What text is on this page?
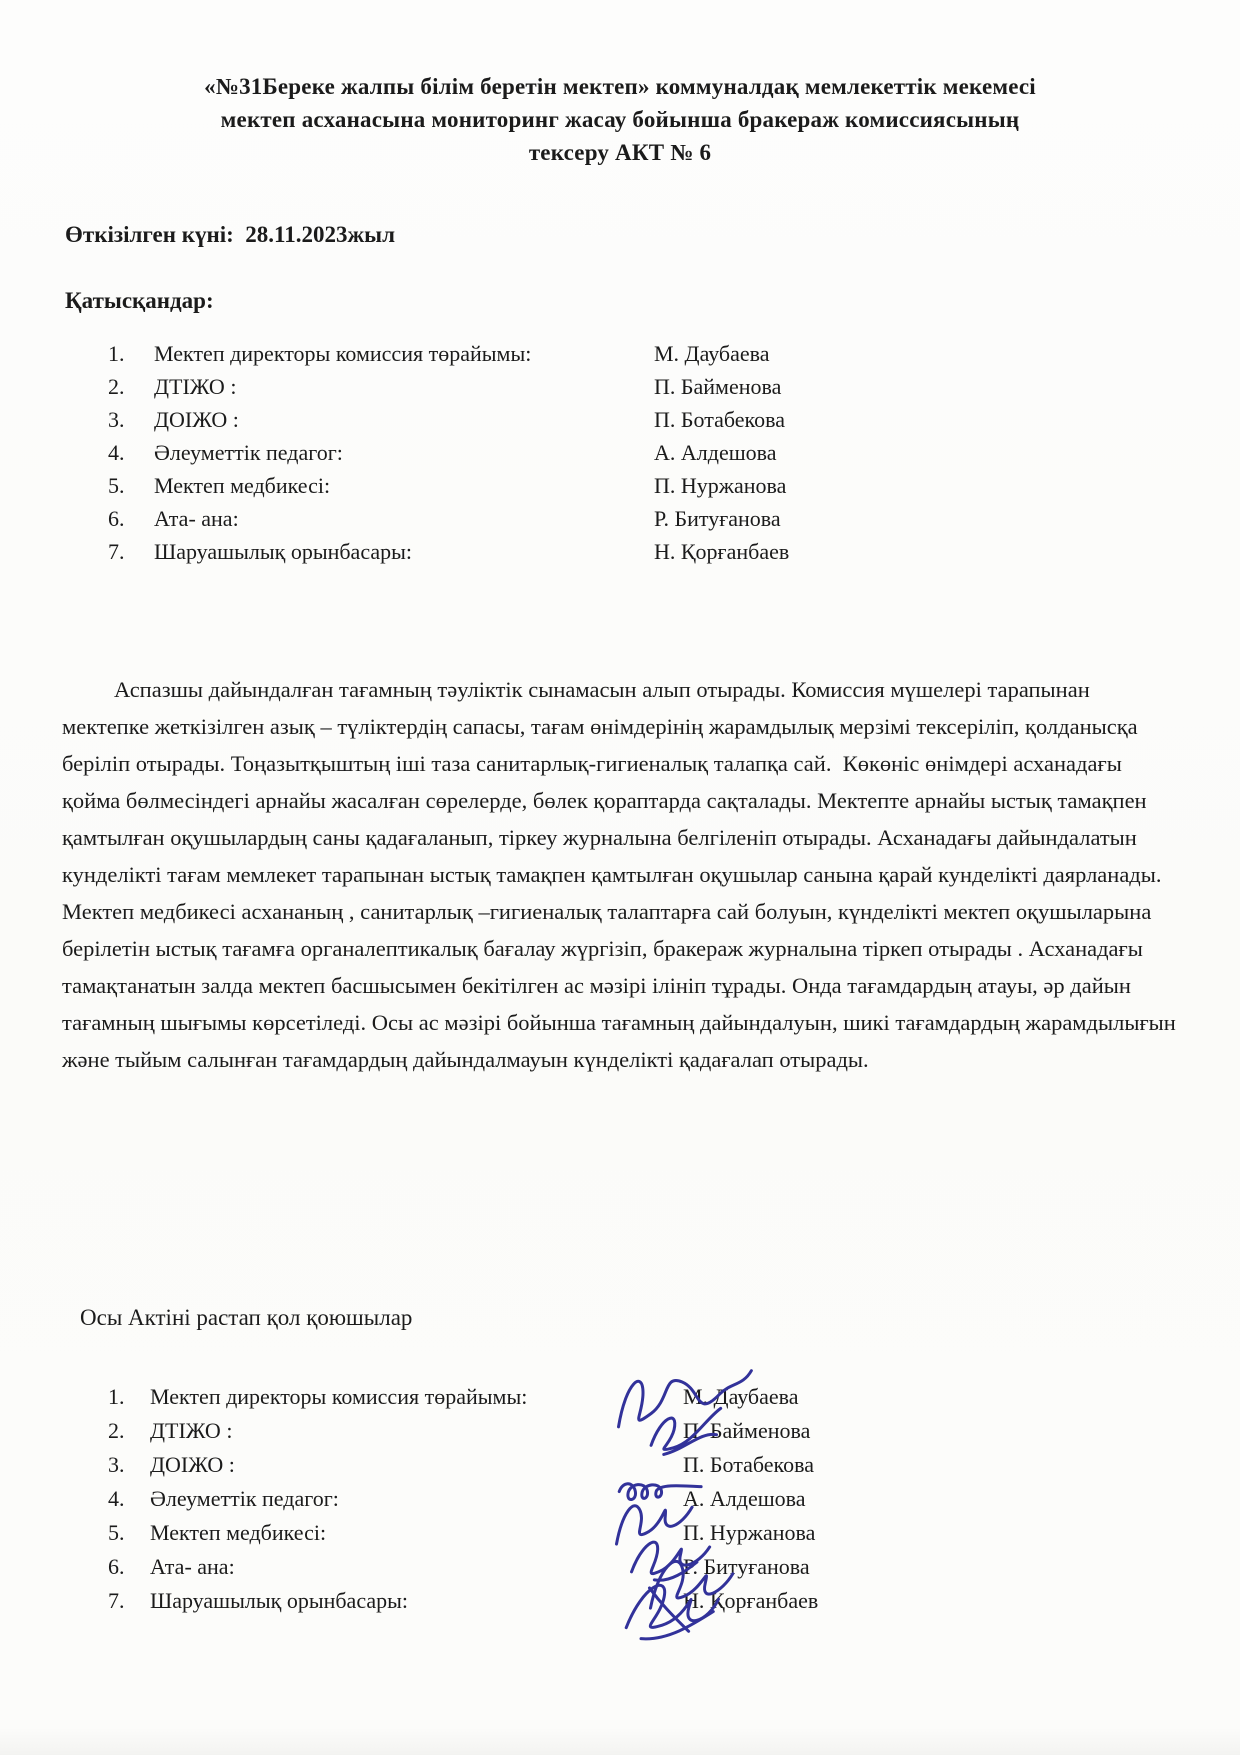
«№31Береке жалпы білім беретін мектеп» коммуналдақ мемлекеттік мекемесі
мектеп асханасына мониторинг жасау бойынша бракераж комиссиясының
тексеру АКТ № 6
Өткізілген күні:  28.11.2023жыл
Қатысқандар:
1.	Мектеп директоры комиссия төрайымы:	М. Даубаева
2.	ДТІЖО :	П. Байменова
3.	ДОІЖО :	П. Ботабекова
4.	Әлеуметтік педагог:	А. Алдешова
5.	Мектеп медбикесі:	П. Нуржанова
6.	Ата- ана:	Р. Битуғанова
7.	Шаруашылық орынбасары:	Н. Қорғанбаев

Аспазшы дайындалған тағамның тәуліктік сынамасын алып отырады. Комиссия мүшелері тарапынан мектепке жеткізілген азық – түліктердің сапасы, тағам өнімдерінің жарамдылық мерзімі тексеріліп, қолданысқа беріліп отырады. Тоңазытқыштың іші таза санитарлық-гигиеналық талапқа сай.  Көкөніс өнімдері асханадағы қойма бөлмесіндегі арнайы жасалған сөрелерде, бөлек қораптарда сақталады. Мектепте арнайы ыстық тамақпен қамтылған оқушылардың саны қадағаланып, тіркеу журналына белгіленіп отырады. Асханадағы дайындалатын кунделікті тағам мемлекет тарапынан ыстық тамақпен қамтылған оқушылар санына қарай кунделікті даярланады. Мектеп медбикесі асхананың , санитарлық –гигиеналық талаптарға сай болуын, күнделікті мектеп оқушыларына берілетін ыстық тағамға органалептикалық бағалау жүргізіп, бракераж журналына тіркеп отырады . Асханадағы тамақтанатын залда мектеп басшысымен бекітілген ас мәзірі ілініп тұрады. Онда тағамдардың атауы, әр дайын тағамның шығымы көрсетіледі. Осы ас мәзірі бойынша тағамның дайындалуын, шикі тағамдардың жарамдылығын және тыйым салынған тағамдардың дайындалмауын күнделікті қадағалап отырады.

Осы Актіні растап қол қоюшылар
1.	Мектеп директоры комиссия төрайымы:	М. Даубаева
2.	ДТІЖО :	П. Байменова
3.	ДОІЖО :	П. Ботабекова
4.	Әлеуметтік педагог:	А. Алдешова
5.	Мектеп медбикесі:	П. Нуржанова
6.	Ата- ана:	Р. Битуғанова
7.	Шаруашылық орынбасары:	Н. Қорғанбаев
